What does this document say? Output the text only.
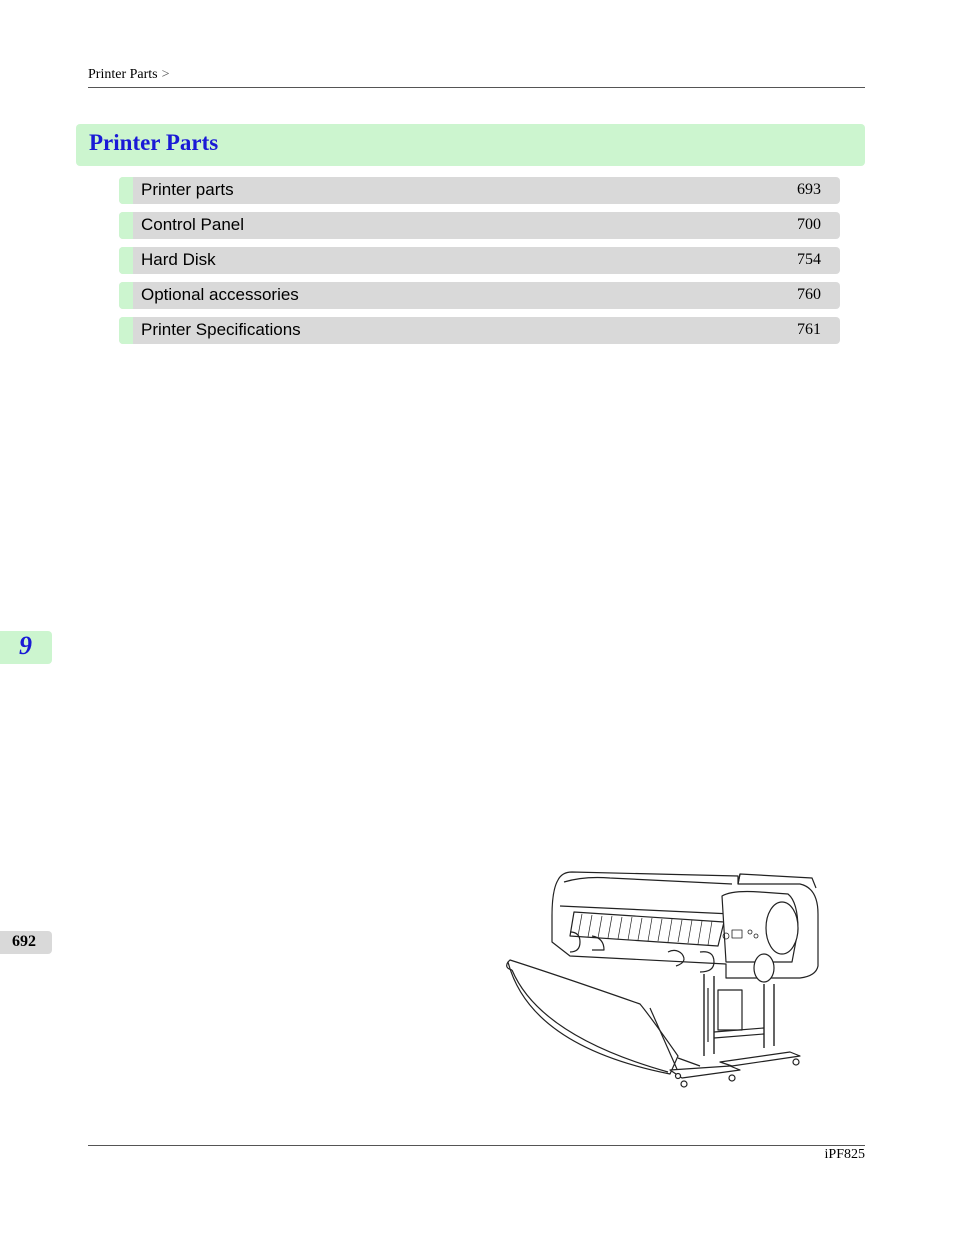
Printer Parts >
Printer Parts
Printer parts	693
Control Panel	700
Hard Disk	754
Optional accessories	760
Printer Specifications	761
9
692
iPF825
